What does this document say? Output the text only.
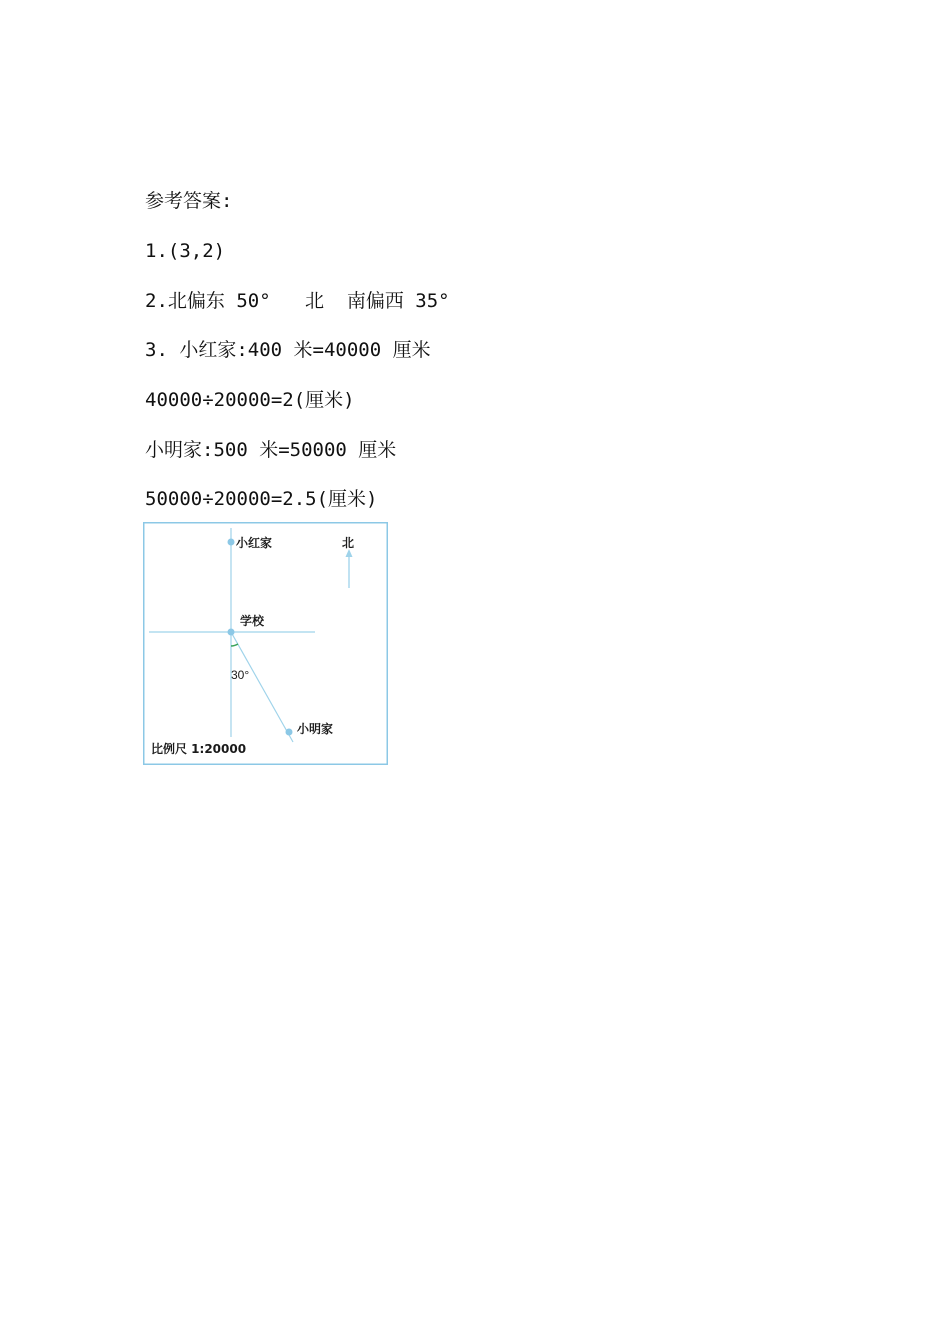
参考答案:
1.(3,2)
2.北偏东 50°   北  南偏西 35°
3. 小红家:400 米=40000 厘米
40000÷20000=2(厘米)
小明家:500 米=50000 厘米
50000÷20000=2.5(厘米)
小红家	北
学校
30°
小明家
比例尺 1:20000
